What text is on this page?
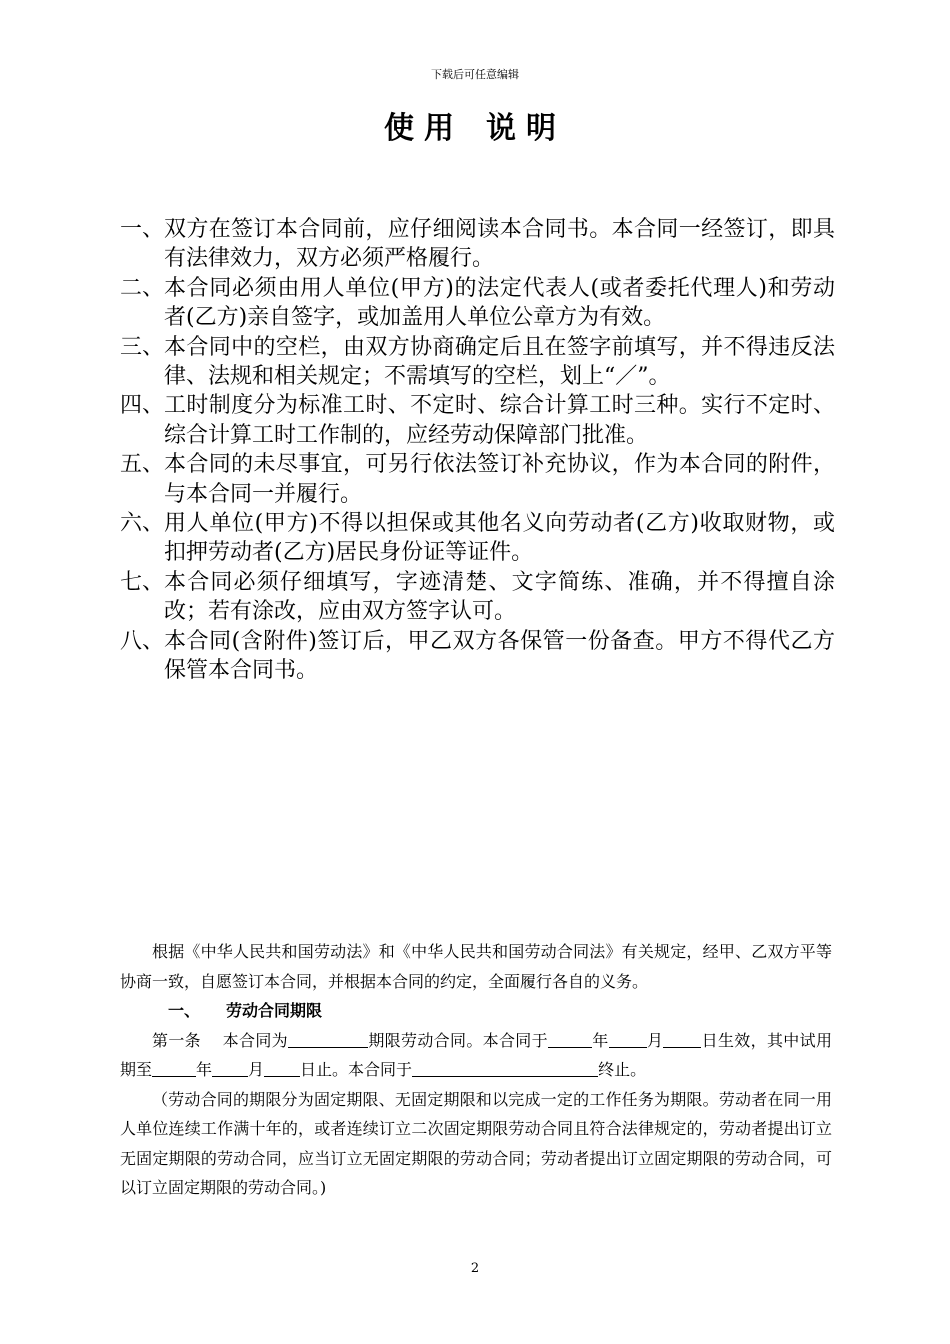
下载后可任意编辑
使用 说明
一、 双方在签订本合同前，应仔细阅读本合同书。本合同一经签订，即具有法律效力，双方必须严格履行。
二、 本合同必须由用人单位(甲方)的法定代表人(或者委托代理人)和劳动者(乙方)亲自签字，或加盖用人单位公章方为有效。
三、 本合同中的空栏，由双方协商确定后且在签字前填写，并不得违反法律、法规和相关规定；不需填写的空栏，划上“／”。
四、 工时制度分为标准工时、不定时、综合计算工时三种。实行不定时、综合计算工时工作制的，应经劳动保障部门批准。
五、 本合同的未尽事宜，可另行依法签订补充协议，作为本合同的附件，与本合同一并履行。
六、 用人单位(甲方)不得以担保或其他名义向劳动者(乙方)收取财物，或扣押劳动者(乙方)居民身份证等证件。
七、 本合同必须仔细填写，字迹清楚、文字简练、准确，并不得擅自涂改；若有涂改，应由双方签字认可。
八、 本合同(含附件)签订后，甲乙双方各保管一份备查。甲方不得代乙方保管本合同书。

根据《中华人民共和国劳动法》和《中华人民共和国劳动合同法》有关规定，经甲、乙双方平等协商一致，自愿签订本合同，并根据本合同的约定，全面履行各自的义务。

一、 劳动合同期限

第一条 本合同为	期限劳动合同。本合同于	年 月 日生效，其中试用期至	年 月 日止。本合同于	终止。

（劳动合同的期限分为固定期限、无固定期限和以完成一定的工作任务为期限。劳动者在同一用人单位连续工作满十年的，或者连续订立二次固定期限劳动合同且符合法律规定的，劳动者提出订立无固定期限的劳动合同，应当订立无固定期限的劳动合同；劳动者提出订立固定期限的劳动合同，可以订立固定期限的劳动合同。)

2
